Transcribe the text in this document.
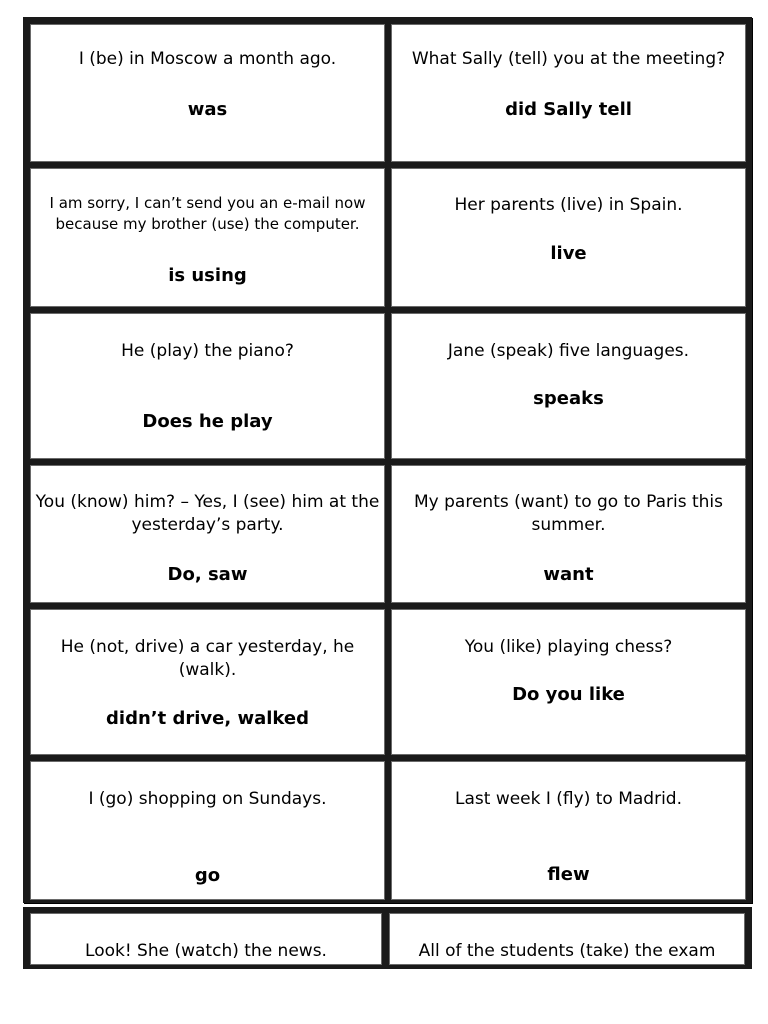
I (be) in Moscow a month ago.
was
What Sally (tell) you at the meeting?
did Sally tell
I am sorry, I can’t send you an e-mail now because my brother (use) the computer.
is using
Her parents (live) in Spain.
live
He (play) the piano?
Does he play
Jane (speak) five languages.
speaks
You (know) him? – Yes, I (see) him at the yesterday’s party.
Do, saw
My parents (want) to go to Paris this summer.
want
He (not, drive) a car yesterday, he (walk).
didn’t drive, walked
You (like) playing chess?
Do you like
I (go) shopping on Sundays.
go
Last week I (fly) to Madrid.
flew
Look! She (watch) the news.	All of the students (take) the exam
